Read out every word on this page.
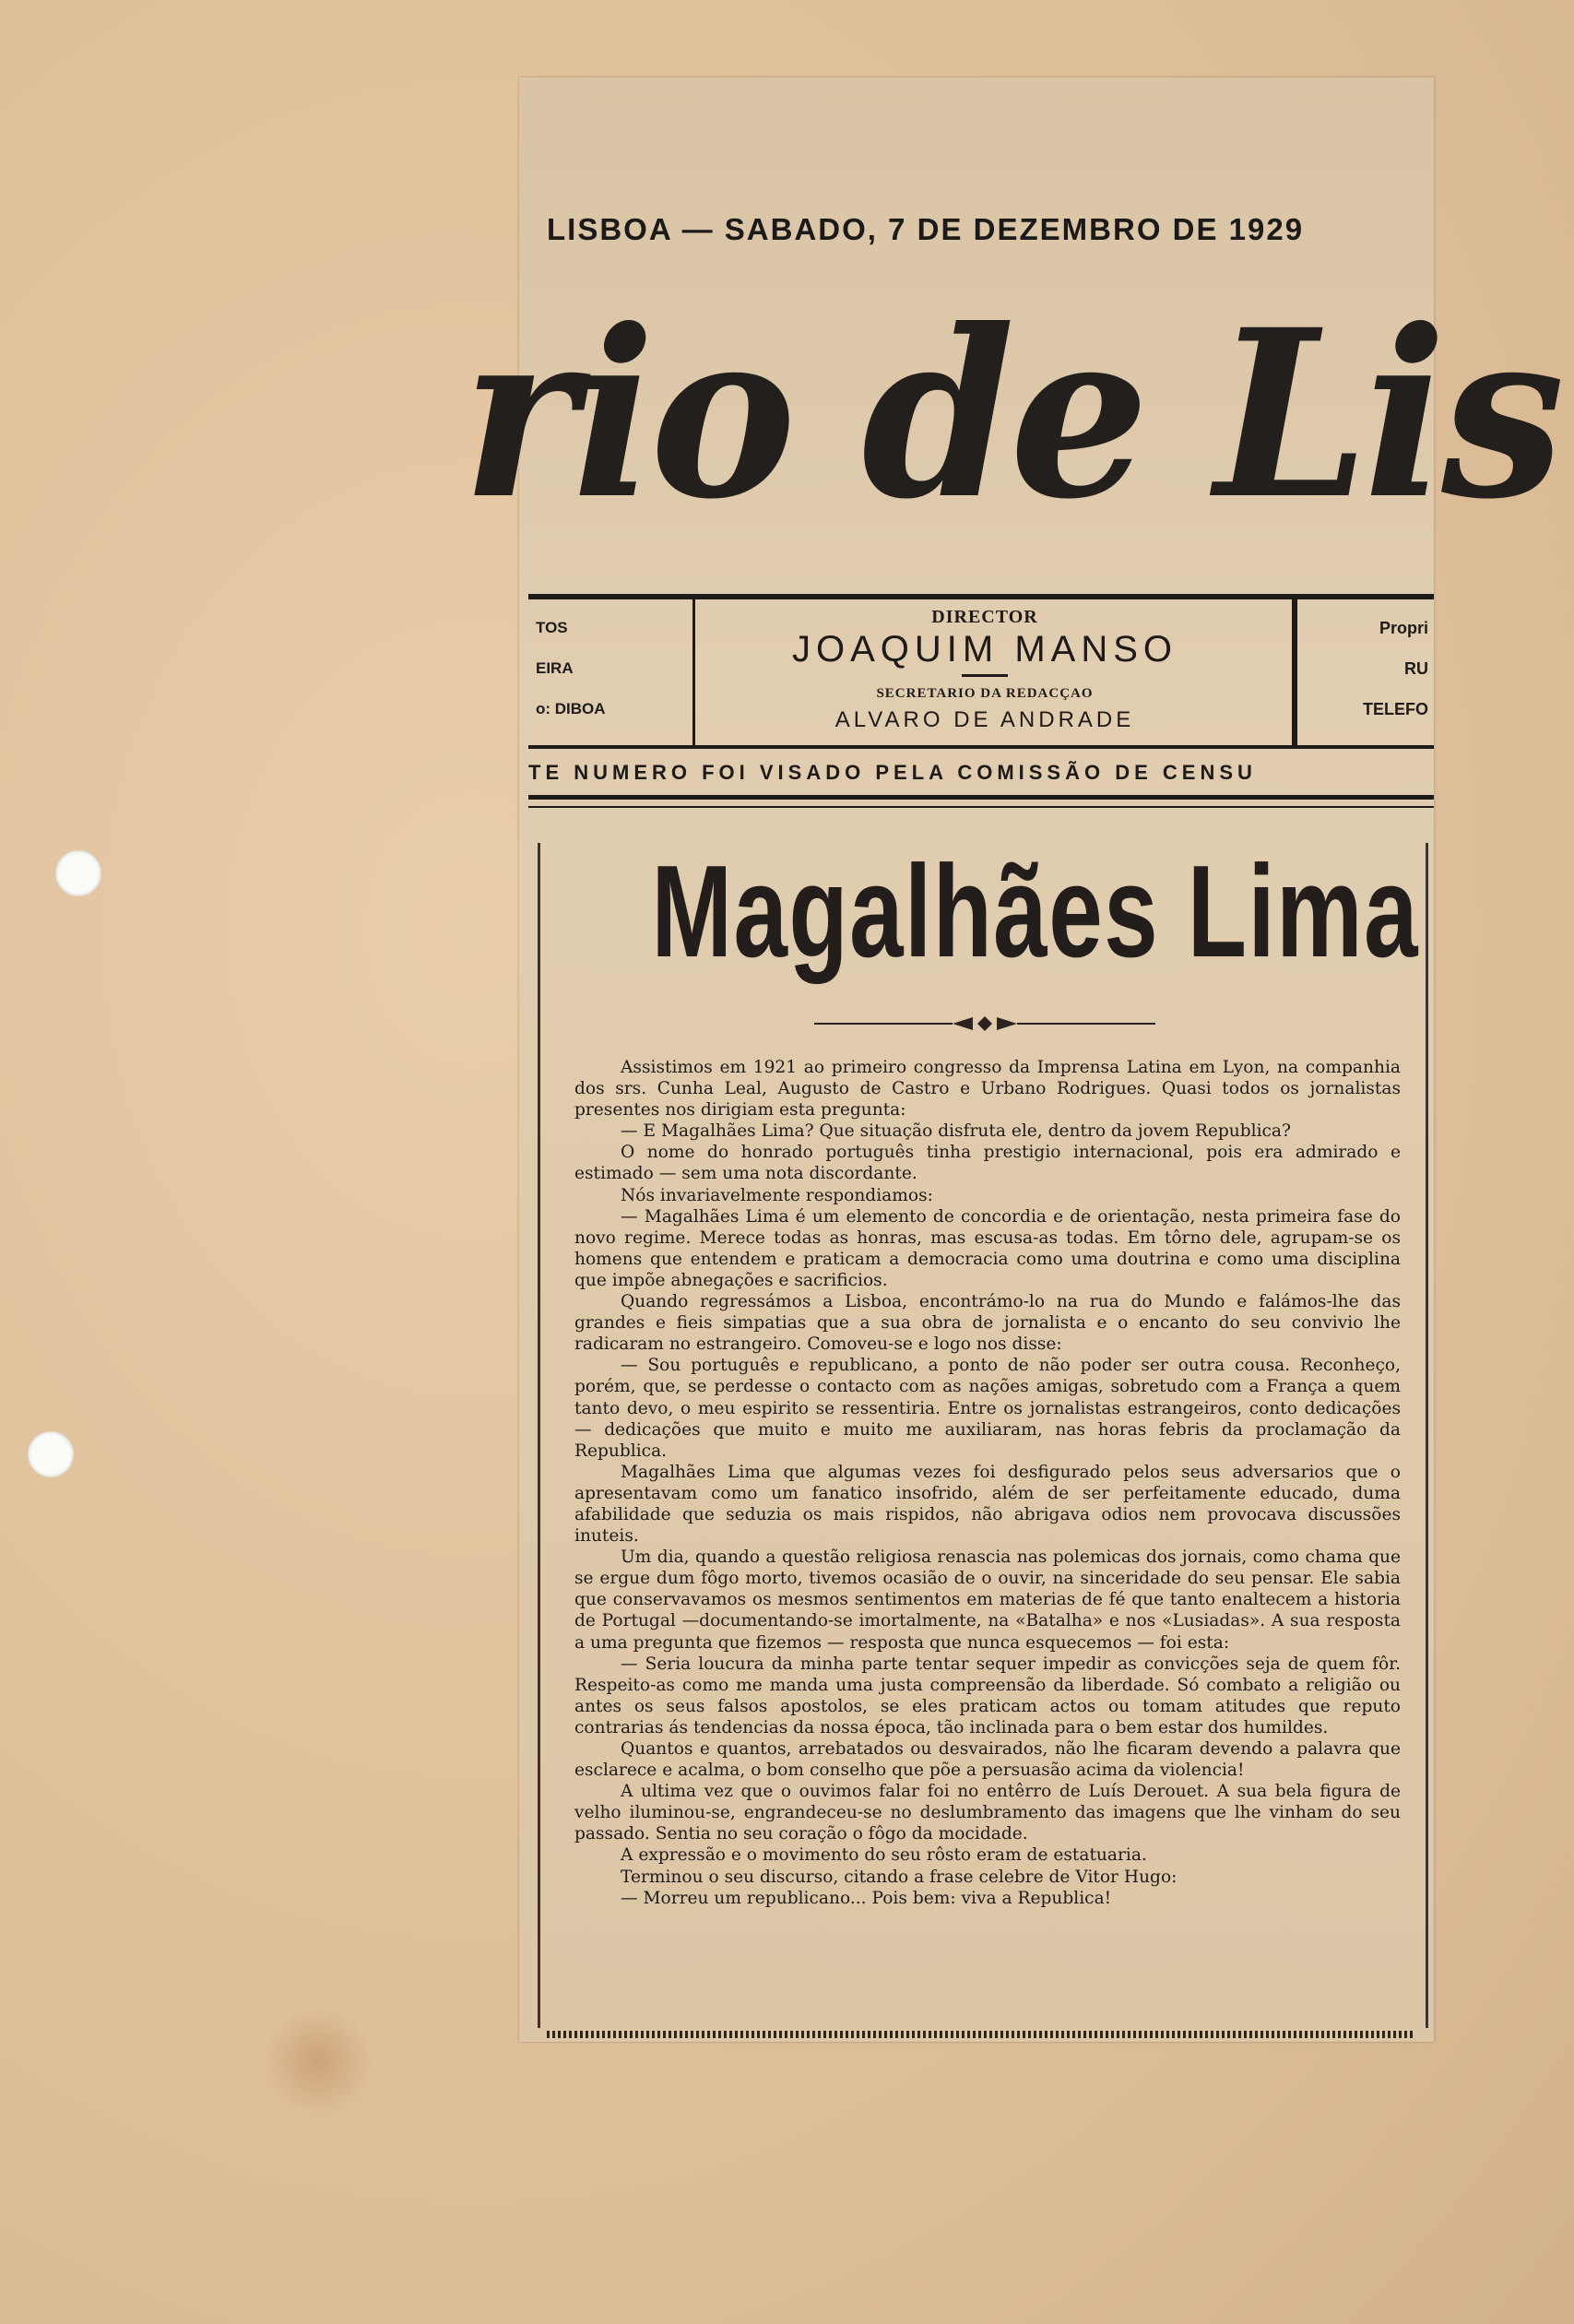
LISBOA — SABADO, 7 DE DEZEMBRO DE 1929
rio de Lis
TOS
EIRA
o: DIBOA
DIRECTOR
JOAQUIM MANSO
SECRETARIO DA REDACÇAO
ALVARO DE ANDRADE
Propri
RU
TELEFO
TE NUMERO FOI VISADO PELA COMISSÃO DE CENSU
Magalhães Lima

Assistimos em 1921 ao primeiro congresso da Imprensa Latina em Lyon, na companhia dos srs. Cunha Leal, Augusto de Castro e Urbano Rodrigues. Quasi todos os jornalistas presentes nos dirigiam esta pregunta:

— E Magalhães Lima? Que situação disfruta ele, dentro da jovem Republica?

O nome do honrado português tinha prestigio internacional, pois era admirado e estimado — sem uma nota discordante.

Nós invariavelmente respondiamos:

— Magalhães Lima é um elemento de concordia e de orientação, nesta primeira fase do novo regime. Merece todas as honras, mas escusa-as todas. Em tôrno dele, agrupam-se os homens que entendem e praticam a democracia como uma doutrina e como uma disciplina que impõe abnegações e sacrificios.

Quando regressámos a Lisboa, encontrámo-lo na rua do Mundo e falámos-lhe das grandes e fieis simpatias que a sua obra de jornalista e o encanto do seu convivio lhe radicaram no estrangeiro. Comoveu-se e logo nos disse:

— Sou português e republicano, a ponto de não poder ser outra cousa. Reconheço, porém, que, se perdesse o contacto com as nações amigas, sobretudo com a França a quem tanto devo, o meu espirito se ressentiria. Entre os jornalistas estrangeiros, conto dedicações — dedicações que muito e muito me auxiliaram, nas horas febris da proclamação da Republica.

Magalhães Lima que algumas vezes foi desfigurado pelos seus adversarios que o apresentavam como um fanatico insofrido, além de ser perfeitamente educado, duma afabilidade que seduzia os mais rispidos, não abrigava odios nem provocava discussões inuteis.

Um dia, quando a questão religiosa renascia nas polemicas dos jornais, como chama que se ergue dum fôgo morto, tivemos ocasião de o ouvir, na sinceridade do seu pensar. Ele sabia que conservavamos os mesmos sentimentos em materias de fé que tanto enaltecem a historia de Portugal —documentando-se imortalmente, na «Batalha» e nos «Lusiadas». A sua resposta a uma pregunta que fizemos — resposta que nunca esquecemos — foi esta:

— Seria loucura da minha parte tentar sequer impedir as convicções seja de quem fôr. Respeito-as como me manda uma justa compreensão da liberdade. Só combato a religião ou antes os seus falsos apostolos, se eles praticam actos ou tomam atitudes que reputo contrarias ás tendencias da nossa época, tão inclinada para o bem estar dos humildes.

Quantos e quantos, arrebatados ou desvairados, não lhe ficaram devendo a palavra que esclarece e acalma, o bom conselho que põe a persuasão acima da violencia!

A ultima vez que o ouvimos falar foi no entêrro de Luís Derouet. A sua bela figura de velho iluminou-se, engrandeceu-se no deslumbramento das imagens que lhe vinham do seu passado. Sentia no seu coração o fôgo da mocidade.

A expressão e o movimento do seu rôsto eram de estatuaria.

Terminou o seu discurso, citando a frase celebre de Vitor Hugo:

— Morreu um republicano... Pois bem: viva a Republica!
